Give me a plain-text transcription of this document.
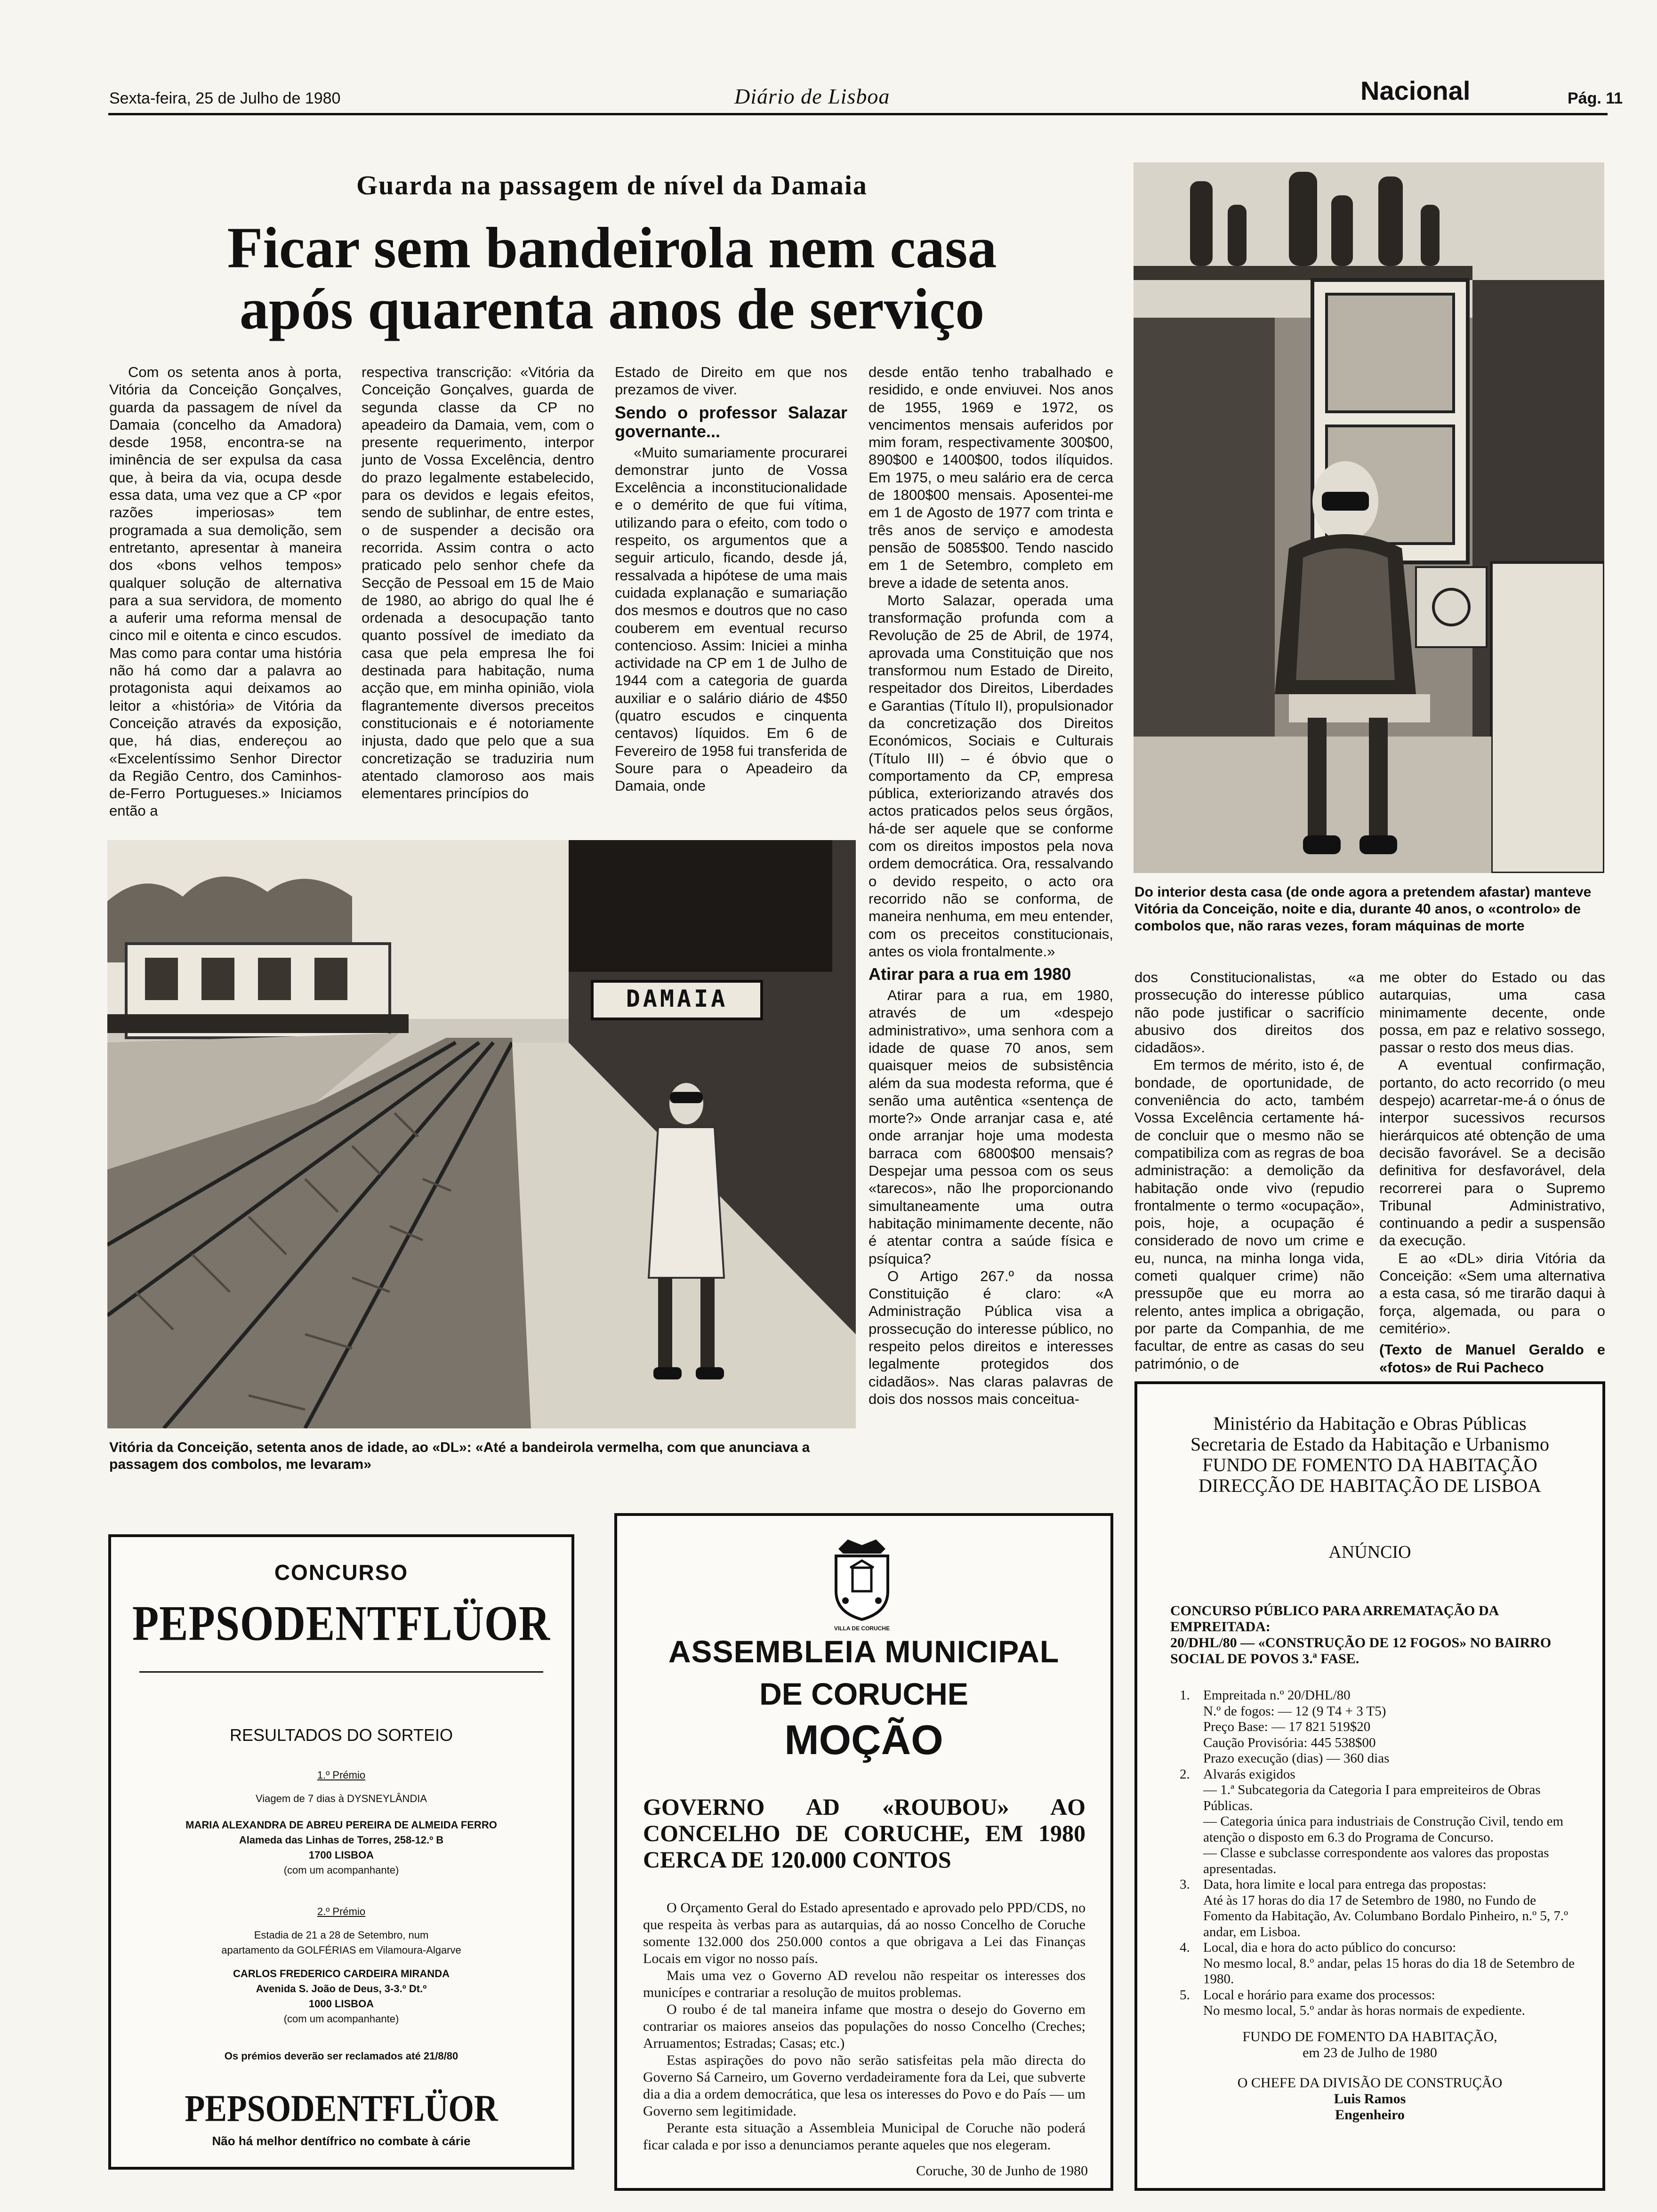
Sexta-feira, 25 de Julho de 1980	Diário de Lisboa	Nacional	Pág. 11
Guarda na passagem de nível da Damaia
Ficar sem bandeirola nem casa
após quarenta anos de serviço

Com os setenta anos à porta, Vitória da Conceição Gonçalves, guarda da passagem de nível da Damaia (concelho da Amadora) desde 1958, encontra-se na iminência de ser expulsa da casa que, à beira da via, ocupa desde essa data, uma vez que a CP «por razões imperiosas» tem programada a sua demolição, sem entretanto, apresentar à maneira dos «bons velhos tempos» qualquer solução de alternativa para a sua servidora, de momento a auferir uma reforma mensal de cinco mil e oitenta e cinco escudos. Mas como para contar uma história não há como dar a palavra ao protagonista aqui deixamos ao leitor a «história» de Vitória da Conceição através da exposição, que, há dias, endereçou ao «Excelentíssimo Senhor Director da Região Centro, dos Caminhos-de-Ferro Portugueses.» Iniciamos então a

respectiva transcrição: «Vitória da Conceição Gonçalves, guarda de segunda classe da CP no apeadeiro da Damaia, vem, com o presente requerimento, interpor junto de Vossa Excelência, dentro do prazo legalmente estabelecido, para os devidos e legais efeitos, sendo de sublinhar, de entre estes, o de suspender a decisão ora recorrida. Assim contra o acto praticado pelo senhor chefe da Secção de Pessoal em 15 de Maio de 1980, ao abrigo do qual lhe é ordenada a desocupação tanto quanto possível de imediato da casa que pela empresa lhe foi destinada para habitação, numa acção que, em minha opinião, viola flagrantemente diversos preceitos constitucionais e é notoriamente injusta, dado que pelo que a sua concretização se traduziria num atentado clamoroso aos mais elementares princípios do

Estado de Direito em que nos prezamos de viver.

Sendo o professor Salazar governante...

«Muito sumariamente procurarei demonstrar junto de Vossa Excelência a inconstitucionalidade e o demérito de que fui vítima, utilizando para o efeito, com todo o respeito, os argumentos que a seguir articulo, ficando, desde já, ressalvada a hipótese de uma mais cuidada explanação e sumariação dos mesmos e doutros que no caso couberem em eventual recurso contencioso. Assim: Iniciei a minha actividade na CP em 1 de Julho de 1944 com a categoria de guarda auxiliar e o salário diário de 4$50 (quatro escudos e cinquenta centavos) líquidos. Em 6 de Fevereiro de 1958 fui transferida de Soure para o Apeadeiro da Damaia, onde

desde então tenho trabalhado e residido, e onde enviuvei. Nos anos de 1955, 1969 e 1972, os vencimentos mensais auferidos por mim foram, respectivamente 300$00, 890$00 e 1400$00, todos ilíquidos. Em 1975, o meu salário era de cerca de 1800$00 mensais. Aposentei-me em 1 de Agosto de 1977 com trinta e três anos de serviço e amodesta pensão de 5085$00. Tendo nascido em 1 de Setembro, completo em breve a idade de setenta anos.

Morto Salazar, operada uma transformação profunda com a Revolução de 25 de Abril, de 1974, aprovada uma Constituição que nos transformou num Estado de Direito, respeitador dos Direitos, Liberdades e Garantias (Título II), propulsionador da concretização dos Direitos Económicos, Sociais e Culturais (Título III) – é óbvio que o comportamento da CP, empresa pública, exteriorizando através dos actos praticados pelos seus órgãos, há-de ser aquele que se conforme com os direitos impostos pela nova ordem democrática. Ora, ressalvando o devido respeito, o acto ora recorrido não se conforma, de maneira nenhuma, em meu entender, com os preceitos constitucionais, antes os viola frontalmente.»

Atirar para a rua em 1980

Atirar para a rua, em 1980, através de um «despejo administrativo», uma senhora com a idade de quase 70 anos, sem quaisquer meios de subsistência além da sua modesta reforma, que é senão uma autêntica «sentença de morte?» Onde arranjar casa e, até onde arranjar hoje uma modesta barraca com 6800$00 mensais? Despejar uma pessoa com os seus «tarecos», não lhe proporcionando simultaneamente uma outra habitação minimamente decente, não é atentar contra a saúde física e psíquica?

O Artigo 267.º da nossa Constituição é claro: «A Administração Pública visa a prossecução do interesse público, no respeito pelos direitos e interesses legalmente protegidos dos cidadãos». Nas claras palavras de dois dos nossos mais conceitua-

Do interior desta casa (de onde agora a pretendem afastar) manteve Vitória da Conceição, noite e dia, durante 40 anos, o «controlo» de combolos que, não raras vezes, foram máquinas de morte

dos Constitucionalistas, «a prossecução do interesse público não pode justificar o sacrifício abusivo dos direitos dos cidadãos».

Em termos de mérito, isto é, de bondade, de oportunidade, de conveniência do acto, também Vossa Excelência certamente há-de concluir que o mesmo não se compatibiliza com as regras de boa administração: a demolição da habitação onde vivo (repudio frontalmente o termo «ocupação», pois, hoje, a ocupação é considerado de novo um crime e eu, nunca, na minha longa vida, cometi qualquer crime) não pressupõe que eu morra ao relento, antes implica a obrigação, por parte da Companhia, de me facultar, de entre as casas do seu património, o de

me obter do Estado ou das autarquias, uma casa minimamente decente, onde possa, em paz e relativo sossego, passar o resto dos meus dias.

A eventual confirmação, portanto, do acto recorrido (o meu despejo) acarretar-me-á o ónus de interpor sucessivos recursos hierárquicos até obtenção de uma decisão favorável. Se a decisão definitiva for desfavorável, dela recorrerei para o Supremo Tribunal Administrativo, continuando a pedir a suspensão da execução.

E ao «DL» diria Vitória da Conceição: «Sem uma alternativa a esta casa, só me tirarão daqui à força, algemada, ou para o cemitério».

(Texto de Manuel Geraldo e «fotos» de Rui Pacheco

DAMAIA
Vitória da Conceição, setenta anos de idade, ao «DL»: «Até a bandeirola vermelha, com que anunciava a passagem dos combolos, me levaram»
CONCURSO
PEPSODENTFLÜOR
RESULTADOS DO SORTEIO
1.º Prémio
Viagem de 7 dias à DYSNEYLÂNDIA
MARIA ALEXANDRA DE ABREU PEREIRA DE ALMEIDA FERRO
Alameda das Linhas de Torres, 258-12.º B
1700 LISBOA
(com um acompanhante)
2.º Prémio
Estadia de 21 a 28 de Setembro, num
apartamento da GOLFÉRIAS em Vilamoura-Algarve
CARLOS FREDERICO CARDEIRA MIRANDA
Avenida S. João de Deus, 3-3.º Dt.º
1000 LISBOA
(com um acompanhante)
Os prémios deverão ser reclamados até 21/8/80
PEPSODENTFLÜOR
Não há melhor dentífrico no combate à cárie
VILLA DE CORUCHE
ASSEMBLEIA MUNICIPAL
DE CORUCHE
MOÇÃO
GOVERNO AD «ROUBOU» AO CONCELHO DE CORUCHE, EM 1980 CERCA DE 120.000 CONTOS

O Orçamento Geral do Estado apresentado e aprovado pelo PPD/CDS, no que respeita às verbas para as autarquias, dá ao nosso Concelho de Coruche somente 132.000 dos 250.000 contos a que obrigava a Lei das Finanças Locais em vigor no nosso país.

Mais uma vez o Governo AD revelou não respeitar os interesses dos municípes e contrariar a resolução de muitos problemas.

O roubo é de tal maneira infame que mostra o desejo do Governo em contrariar os maiores anseios das populações do nosso Concelho (Creches; Arruamentos; Estradas; Casas; etc.)

Estas aspirações do povo não serão satisfeitas pela mão directa do Governo Sá Carneiro, um Governo verdadeiramente fora da Lei, que subverte dia a dia a ordem democrática, que lesa os interesses do Povo e do País — um Governo sem legitimidade.

Perante esta situação a Assembleia Municipal de Coruche não poderá ficar calada e por isso a denunciamos perante aqueles que nos elegeram.

Coruche, 30 de Junho de 1980
Ministério da Habitação e Obras Públicas
Secretaria de Estado da Habitação e Urbanismo
FUNDO DE FOMENTO DA HABITAÇÃO
DIRECÇÃO DE HABITAÇÃO DE LISBOA
ANÚNCIO
CONCURSO PÚBLICO PARA ARREMATAÇÃO DA EMPREITADA:
20/DHL/80 — «CONSTRUÇÃO DE 12 FOGOS» NO BAIRRO SOCIAL DE POVOS 3.ª FASE.
1. Empreitada n.º 20/DHL/80
N.º de fogos: — 12 (9 T4 + 3 T5)
Preço Base: — 17 821 519$20
Caução Provisória: 445 538$00
Prazo execução (dias) — 360 dias
2. Alvarás exigidos
— 1.ª Subcategoria da Categoria I para empreiteiros de Obras Públicas.
— Categoria única para industriais de Construção Civil, tendo em atenção o disposto em 6.3 do Programa de Concurso.
— Classe e subclasse correspondente aos valores das propostas apresentadas.
3. Data, hora limite e local para entrega das propostas:
Até às 17 horas do dia 17 de Setembro de 1980, no Fundo de Fomento da Habitação, Av. Columbano Bordalo Pinheiro, n.º 5, 7.º andar, em Lisboa.
4. Local, dia e hora do acto público do concurso:
No mesmo local, 8.º andar, pelas 15 horas do dia 18 de Setembro de 1980.
5. Local e horário para exame dos processos:
No mesmo local, 5.º andar às horas normais de expediente.
FUNDO DE FOMENTO DA HABITAÇÃO,
em 23 de Julho de 1980
O CHEFE DA DIVISÃO DE CONSTRUÇÃO
Luis Ramos
Engenheiro
